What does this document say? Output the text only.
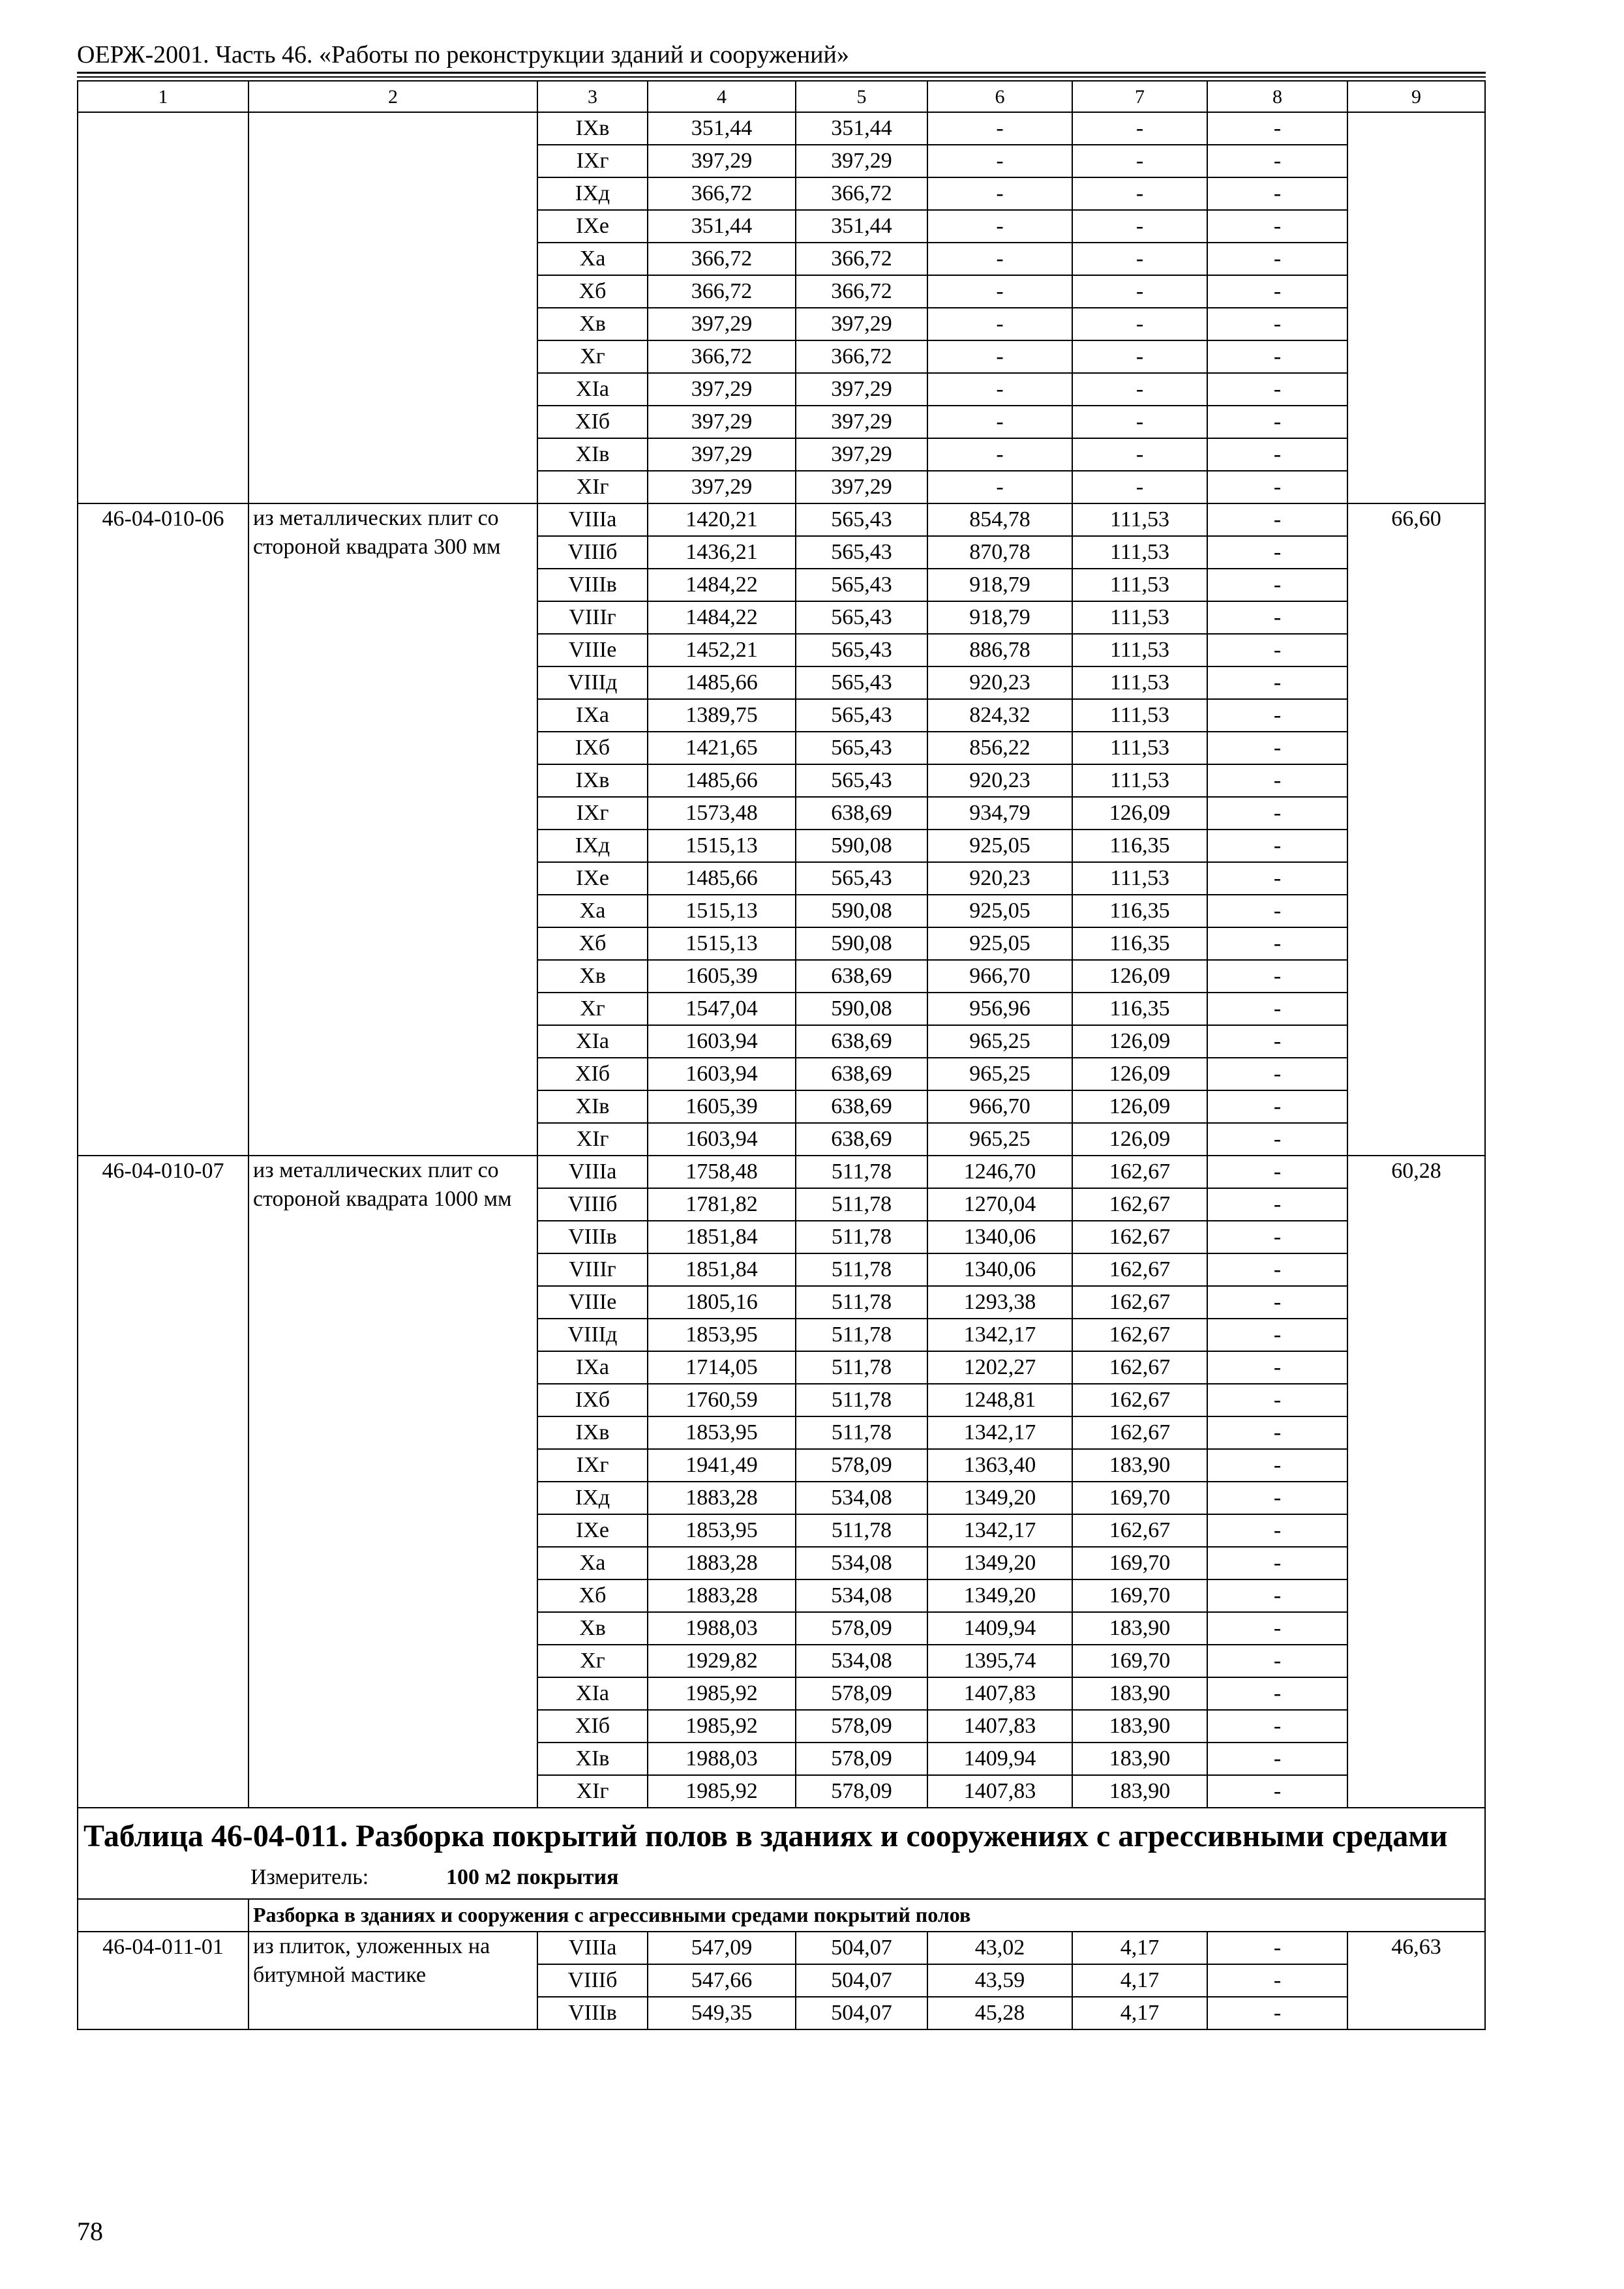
ОЕРЖ-2001. Часть 46. «Работы по реконструкции зданий и сооружений»
1	2	3	4	5	6	7	8	9
		IXв	351,44	351,44	-	-	-	
		IXг	397,29	397,29	-	-	-	
		IXд	366,72	366,72	-	-	-	
		IXе	351,44	351,44	-	-	-	
		Xа	366,72	366,72	-	-	-	
		Xб	366,72	366,72	-	-	-	
		Xв	397,29	397,29	-	-	-	
		Xг	366,72	366,72	-	-	-	
		XIа	397,29	397,29	-	-	-	
		XIб	397,29	397,29	-	-	-	
		XIв	397,29	397,29	-	-	-	
		XIг	397,29	397,29	-	-	-	
46-04-010-06	из металлических плит со стороной квадрата 300 мм	VIIIа	1420,21	565,43	854,78	111,53	-	66,60
		VIIIб	1436,21	565,43	870,78	111,53	-	
		VIIIв	1484,22	565,43	918,79	111,53	-	
		VIIIг	1484,22	565,43	918,79	111,53	-	
		VIIIе	1452,21	565,43	886,78	111,53	-	
		VIIIд	1485,66	565,43	920,23	111,53	-	
		IXа	1389,75	565,43	824,32	111,53	-	
		IXб	1421,65	565,43	856,22	111,53	-	
		IXв	1485,66	565,43	920,23	111,53	-	
		IXг	1573,48	638,69	934,79	126,09	-	
		IXд	1515,13	590,08	925,05	116,35	-	
		IXе	1485,66	565,43	920,23	111,53	-	
		Xа	1515,13	590,08	925,05	116,35	-	
		Xб	1515,13	590,08	925,05	116,35	-	
		Xв	1605,39	638,69	966,70	126,09	-	
		Xг	1547,04	590,08	956,96	116,35	-	
		XIа	1603,94	638,69	965,25	126,09	-	
		XIб	1603,94	638,69	965,25	126,09	-	
		XIв	1605,39	638,69	966,70	126,09	-	
		XIг	1603,94	638,69	965,25	126,09	-	
46-04-010-07	из металлических плит со стороной квадрата 1000 мм	VIIIа	1758,48	511,78	1246,70	162,67	-	60,28
		VIIIб	1781,82	511,78	1270,04	162,67	-	
		VIIIв	1851,84	511,78	1340,06	162,67	-	
		VIIIг	1851,84	511,78	1340,06	162,67	-	
		VIIIе	1805,16	511,78	1293,38	162,67	-	
		VIIIд	1853,95	511,78	1342,17	162,67	-	
		IXа	1714,05	511,78	1202,27	162,67	-	
		IXб	1760,59	511,78	1248,81	162,67	-	
		IXв	1853,95	511,78	1342,17	162,67	-	
		IXг	1941,49	578,09	1363,40	183,90	-	
		IXд	1883,28	534,08	1349,20	169,70	-	
		IXе	1853,95	511,78	1342,17	162,67	-	
		Xа	1883,28	534,08	1349,20	169,70	-	
		Xб	1883,28	534,08	1349,20	169,70	-	
		Xв	1988,03	578,09	1409,94	183,90	-	
		Xг	1929,82	534,08	1395,74	169,70	-	
		XIа	1985,92	578,09	1407,83	183,90	-	
		XIб	1985,92	578,09	1407,83	183,90	-	
		XIв	1988,03	578,09	1409,94	183,90	-	
		XIг	1985,92	578,09	1407,83	183,90	-	
Таблица 46-04-011. Разборка покрытий полов в зданиях и сооружениях с агрессивными средами
Измеритель: 100 м2 покрытия								

	Разборка в зданиях и сооружения с агрессивными средами покрытий полов							
46-04-011-01	из плиток, уложенных на битумной мастике	VIIIа	547,09	504,07	43,02	4,17	-	46,63
		VIIIб	547,66	504,07	43,59	4,17	-	
		VIIIв	549,35	504,07	45,28	4,17	-	
78
